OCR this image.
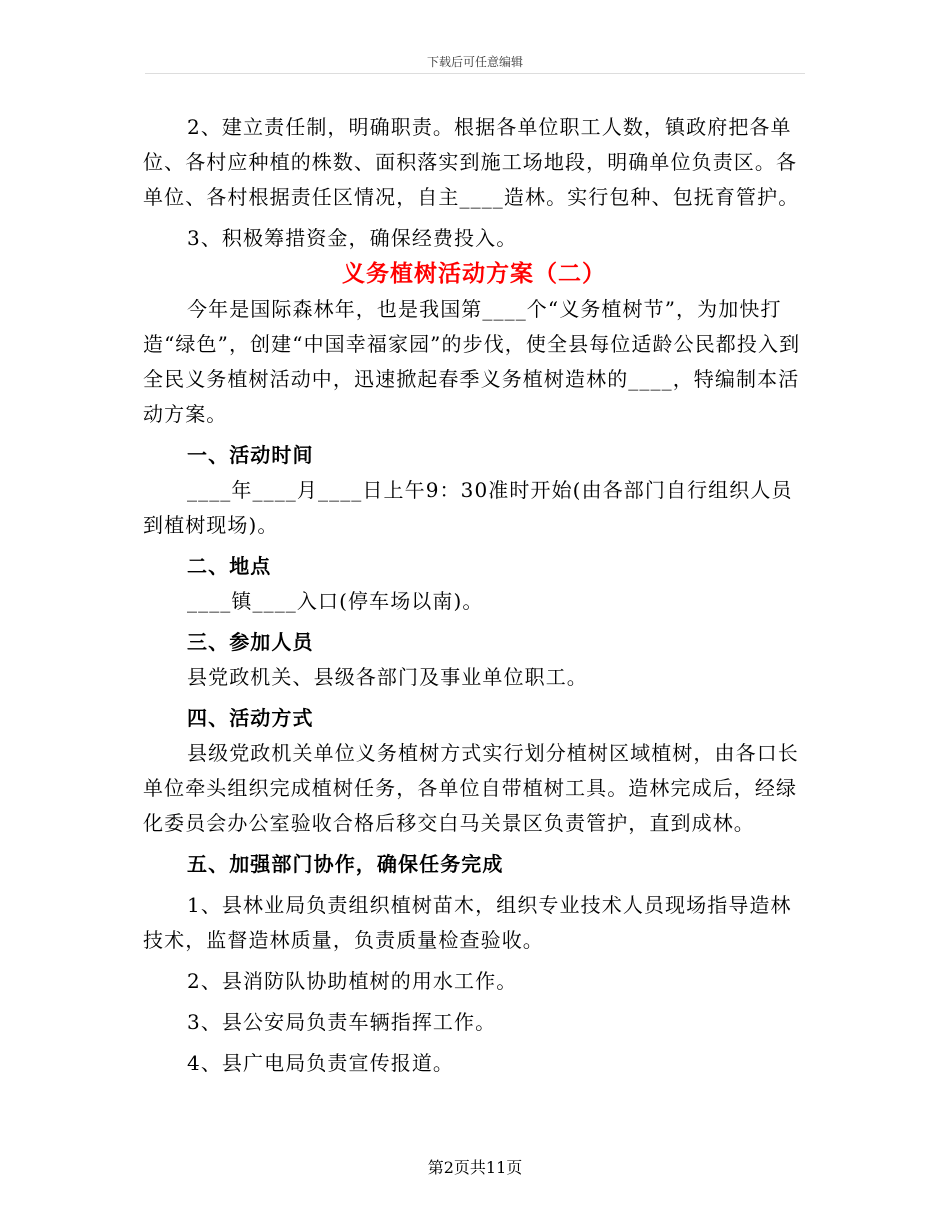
下载后可任意编辑

2、建立责任制，明确职责。根据各单位职工人数，镇政府把各单位、各村应种植的株数、面积落实到施工场地段，明确单位负责区。各单位、各村根据责任区情况，自主____造林。实行包种、包抚育管护。

3、积极筹措资金，确保经费投入。

义务植树活动方案（二）

今年是国际森林年，也是我国第____个“义务植树节”，为加快打造“绿色”，创建“中国幸福家园”的步伐，使全县每位适龄公民都投入到全民义务植树活动中，迅速掀起春季义务植树造林的____，特编制本活动方案。

一、活动时间

____年____月____日上午9：30准时开始(由各部门自行组织人员到植树现场)。

二、地点

____镇____入口(停车场以南)。

三、参加人员

县党政机关、县级各部门及事业单位职工。

四、活动方式

县级党政机关单位义务植树方式实行划分植树区域植树，由各口长单位牵头组织完成植树任务，各单位自带植树工具。造林完成后，经绿化委员会办公室验收合格后移交白马关景区负责管护，直到成林。

五、加强部门协作，确保任务完成

1、县林业局负责组织植树苗木，组织专业技术人员现场指导造林技术，监督造林质量，负责质量检查验收。

2、县消防队协助植树的用水工作。

3、县公安局负责车辆指挥工作。

4、县广电局负责宣传报道。

第2页共11页
